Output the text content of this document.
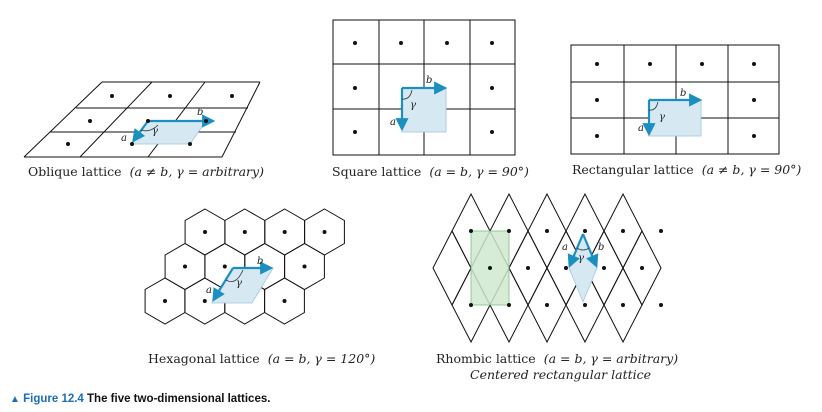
a
b
γ
Oblique lattice (a ≠ b, γ = arbitrary)
a
b
γ
Square lattice (a = b, γ = 90°)
a
b
γ
Rectangular lattice (a ≠ b, γ = 90°)
a
b
γ
Hexagonal lattice (a = b, γ = 120°)
a	b
γ
Rhombic lattice (a = b, γ = arbitrary)
Centered rectangular lattice
▲ Figure 12.4 The five two-dimensional lattices.
